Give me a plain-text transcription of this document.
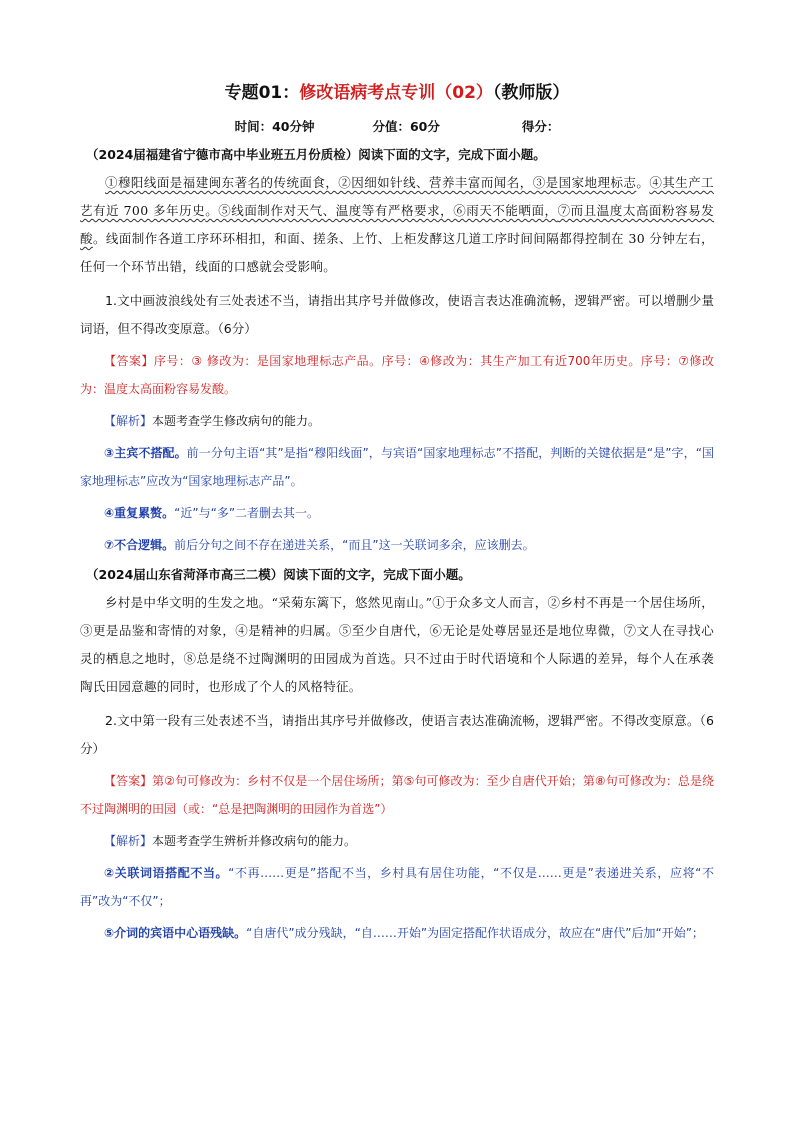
专题01：修改语病考点专训（02）（教师版）
时间：40分钟	分值：60分	得分：

（2024届福建省宁德市高中毕业班五月份质检）阅读下面的文字，完成下面小题。

①穆阳线面是福建闽东著名的传统面食，②因细如针线、营养丰富而闻名，③是国家地理标志。④其生产工艺有近 700 多年历史。⑤线面制作对天气、温度等有严格要求，⑥雨天不能晒面，⑦而且温度太高面粉容易发酸。线面制作各道工序环环相扣，和面、搓条、上竹、上柜发酵这几道工序时间间隔都得控制在 30 分钟左右，任何一个环节出错，线面的口感就会受影响。

1.文中画波浪线处有三处表述不当，请指出其序号并做修改，使语言表达准确流畅，逻辑严密。可以增删少量词语，但不得改变原意。（6分）

【答案】序号：③ 修改为：是国家地理标志产品。序号：④修改为：其生产加工有近700年历史。序号：⑦修改为：温度太高面粉容易发酸。

【解析】本题考查学生修改病句的能力。

③主宾不搭配。前一分句主语“其”是指“穆阳线面”，与宾语“国家地理标志”不搭配，判断的关键依据是“是”字，“国家地理标志”应改为“国家地理标志产品”。

④重复累赘。“近”与“多”二者删去其一。

⑦不合逻辑。前后分句之间不存在递进关系，“而且”这一关联词多余，应该删去。

（2024届山东省菏泽市高三二模）阅读下面的文字，完成下面小题。

乡村是中华文明的生发之地。“采菊东篱下，悠然见南山。”①于众多文人而言，②乡村不再是一个居住场所，③更是品鉴和寄情的对象，④是精神的归属。⑤至少自唐代，⑥无论是处尊居显还是地位卑微，⑦文人在寻找心灵的栖息之地时，⑧总是绕不过陶渊明的田园成为首选。只不过由于时代语境和个人际遇的差异，每个人在承袭陶氏田园意趣的同时，也形成了个人的风格特征。

2.文中第一段有三处表述不当，请指出其序号并做修改，使语言表达准确流畅，逻辑严密。不得改变原意。（6分）

【答案】第②句可修改为：乡村不仅是一个居住场所；第⑤句可修改为：至少自唐代开始；第⑧句可修改为：总是绕不过陶渊明的田园（或：“总是把陶渊明的田园作为首选”）

【解析】本题考查学生辨析并修改病句的能力。

②关联词语搭配不当。“不再……更是”搭配不当，乡村具有居住功能，“不仅是……更是”表递进关系，应将“不再”改为“不仅”；

⑤介词的宾语中心语残缺。“自唐代”成分残缺，“自……开始”为固定搭配作状语成分，故应在“唐代”后加“开始”；
